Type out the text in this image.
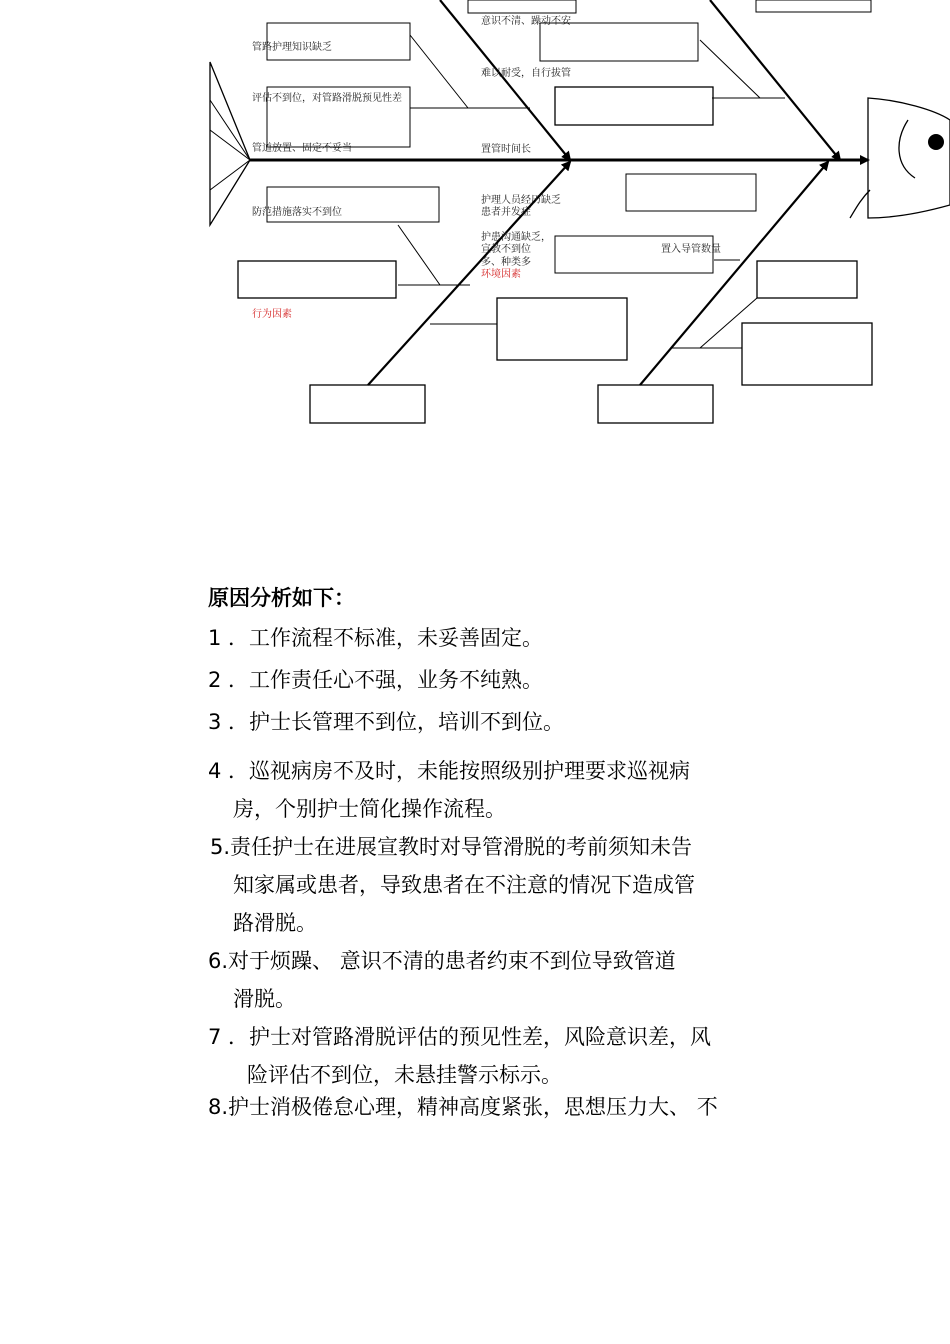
管路护理知识缺乏
评估不到位，对管路滑脱预见性差
管道放置、固定不妥当
防范措施落实不到位
行为因素
意识不清、躁动不安
难以耐受，自行拔管
置管时间长
护理人员经历缺乏
患者并发症
护患沟通缺乏，
宣教不到位
多、种类多
环境因素
置入导管数量
原因分析如下：
1 ．工作流程不标准，未妥善固定。
2 ．工作责任心不强，业务不纯熟。
3 ．护士长管理不到位，培训不到位。
4 ．巡视病房不及时，未能按照级别护理要求巡视病
房，个别护士简化操作流程。
5.责任护士在进展宣教时对导管滑脱的考前须知未告
知家属或患者，导致患者在不注意的情况下造成管
路滑脱。
6.对于烦躁、 意识不清的患者约束不到位导致管道
滑脱。
7 ．护士对管路滑脱评估的预见性差，风险意识差，风
险评估不到位，未悬挂警示标示。
8.护士消极倦怠心理，精神高度紧张，思想压力大、 不
